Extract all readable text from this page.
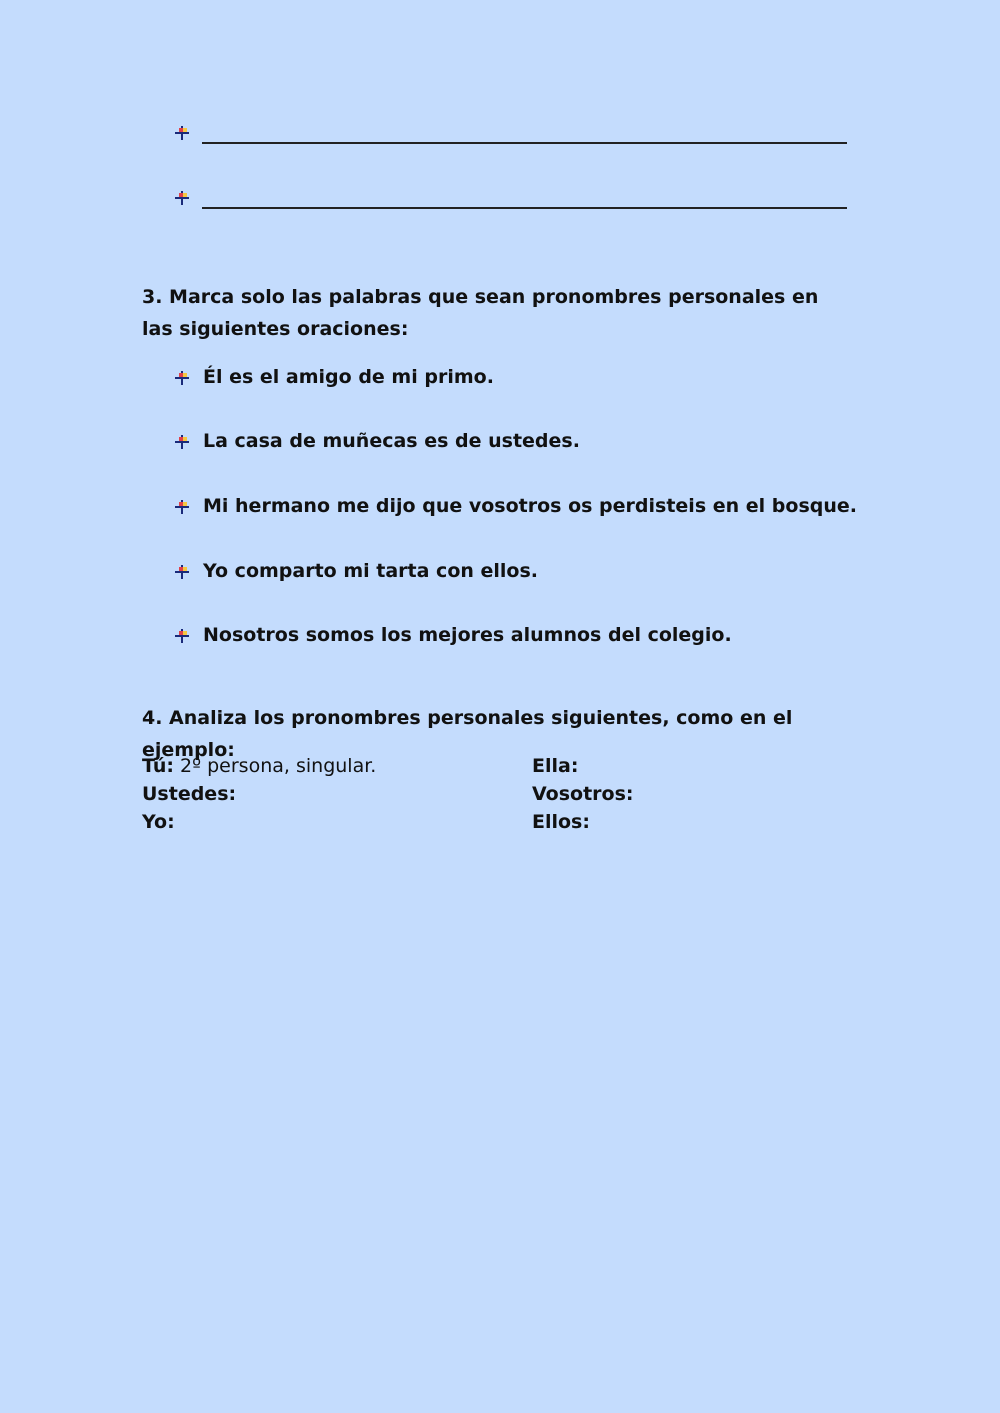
3. Marca solo las palabras que sean pronombres personales en las siguientes oraciones:
Él es el amigo de mi primo.
La casa de muñecas es de ustedes.
Mi hermano me dijo que vosotros os perdisteis en el bosque.
Yo comparto mi tarta con ellos.
Nosotros somos los mejores alumnos del colegio.
4. Analiza los pronombres personales siguientes, como en el ejemplo:
Tú: 2º persona, singular.
Ustedes:
Yo:
Ella:
Vosotros:
Ellos:
